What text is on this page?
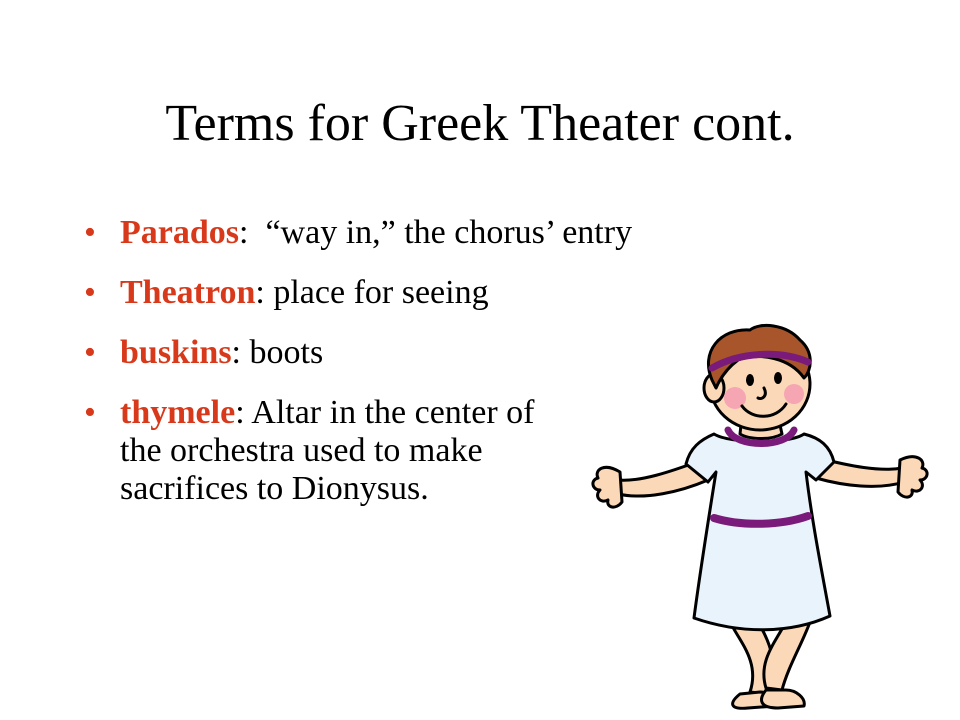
Terms for Greek Theater cont.
• Parados: “way in,” the chorus’ entry
• Theatron: place for seeing
• buskins: boots
• thymele: Altar in the center of the orchestra used to make sacrifices to Dionysus.
